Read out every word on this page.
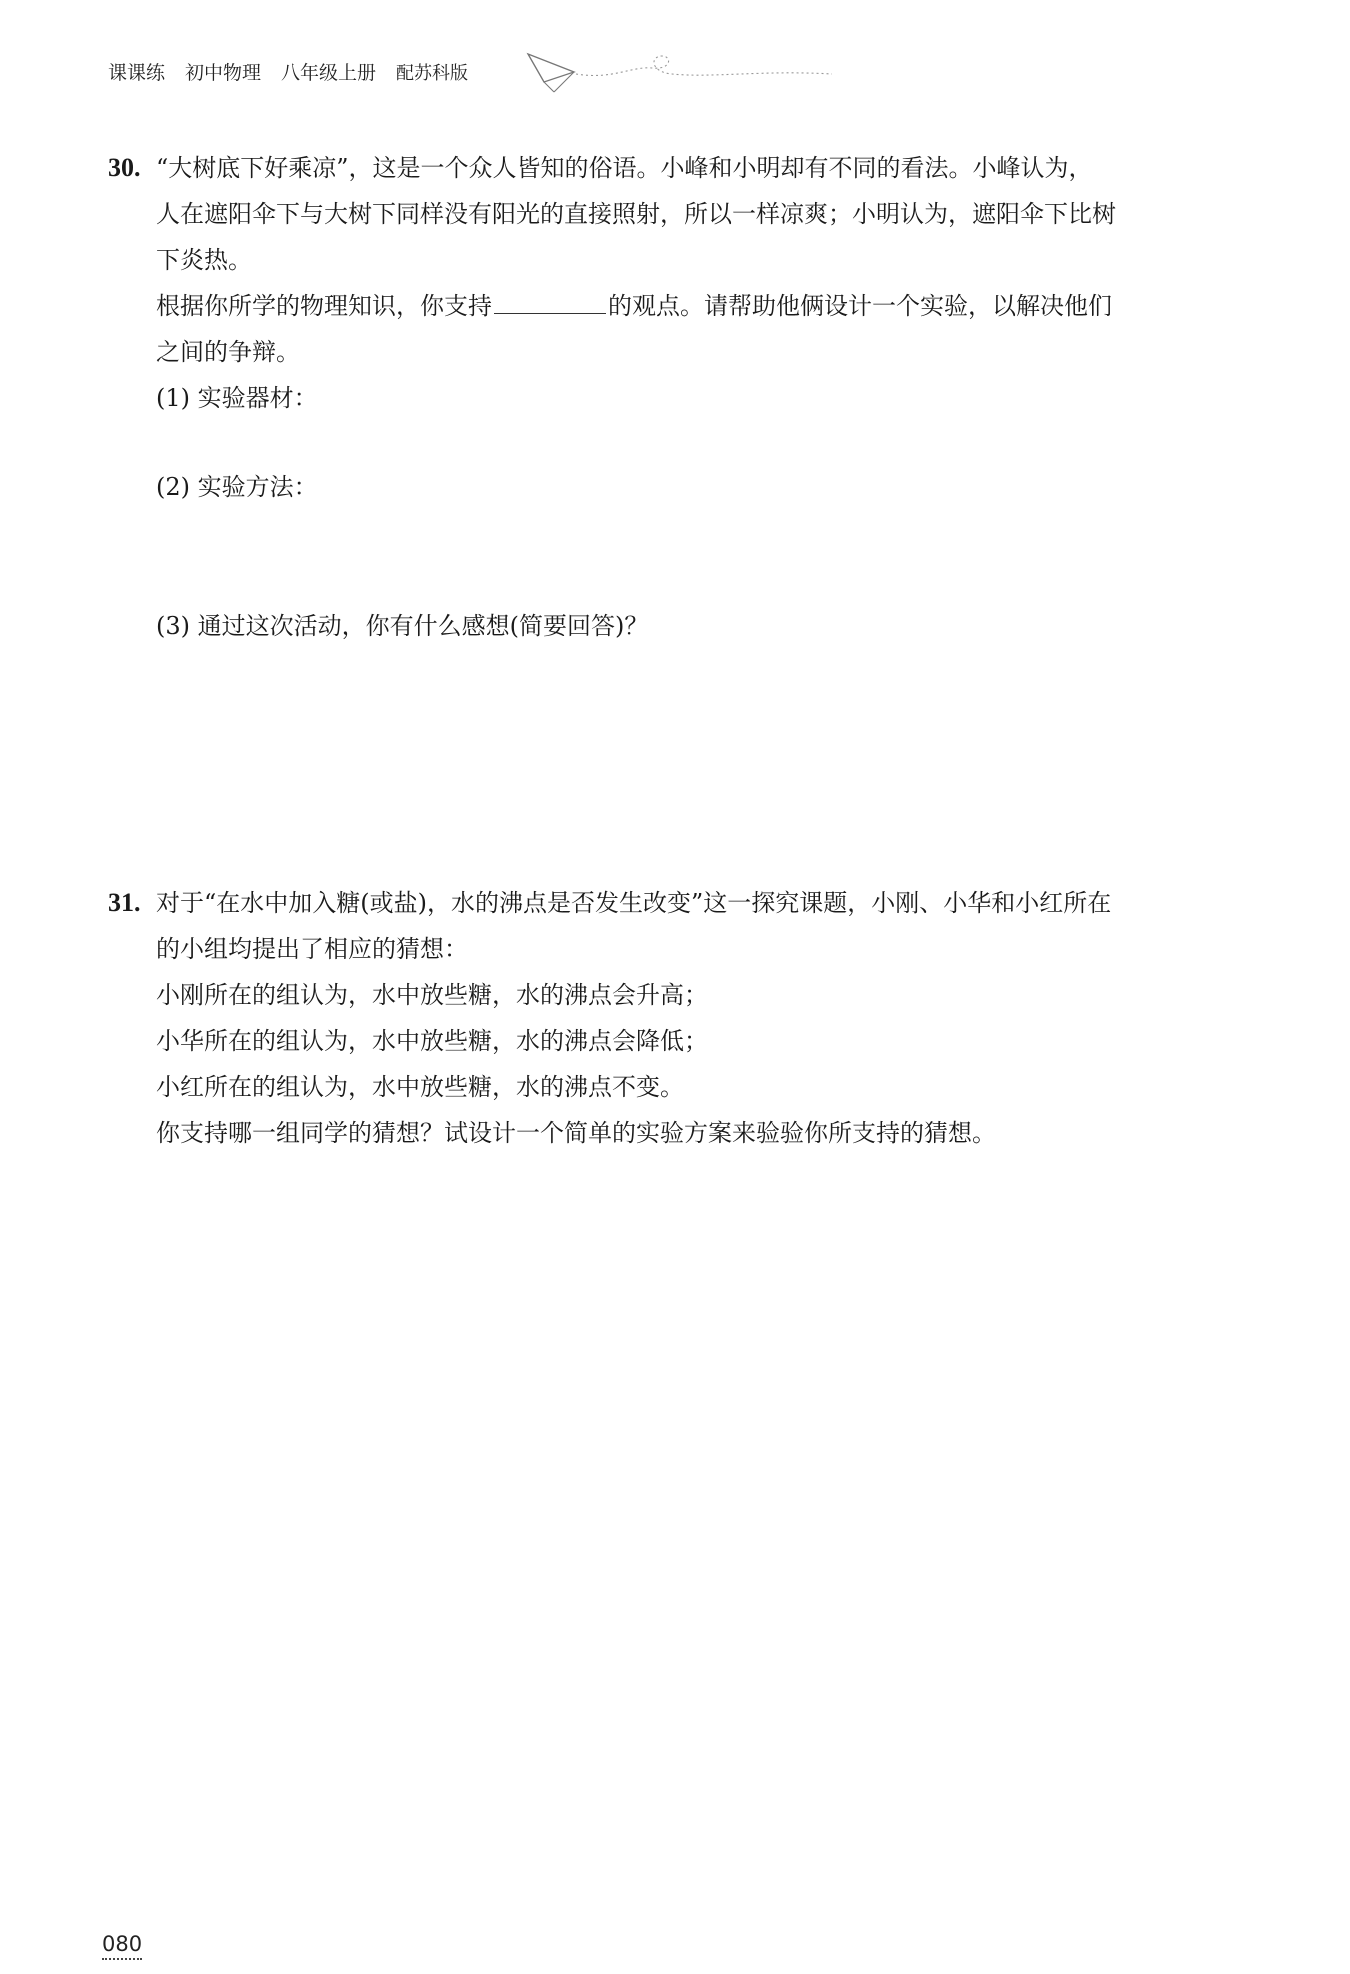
课课练 初中物理 八年级上册 配苏科版
30. “大树底下好乘凉”，这是一个众人皆知的俗语。小峰和小明却有不同的看法。小峰认为，
人在遮阳伞下与大树下同样没有阳光的直接照射，所以一样凉爽；小明认为，遮阳伞下比树
下炎热。
根据你所学的物理知识，你支持	的观点。请帮助他俩设计一个实验，以解决他们
之间的争辩。
(1) 实验器材：
(2) 实验方法：
(3) 通过这次活动，你有什么感想(简要回答)？
31. 对于“在水中加入糖(或盐)，水的沸点是否发生改变”这一探究课题，小刚、小华和小红所在
的小组均提出了相应的猜想：
小刚所在的组认为，水中放些糖，水的沸点会升高；
小华所在的组认为，水中放些糖，水的沸点会降低；
小红所在的组认为，水中放些糖，水的沸点不变。
你支持哪一组同学的猜想？试设计一个简单的实验方案来验验你所支持的猜想。
080
